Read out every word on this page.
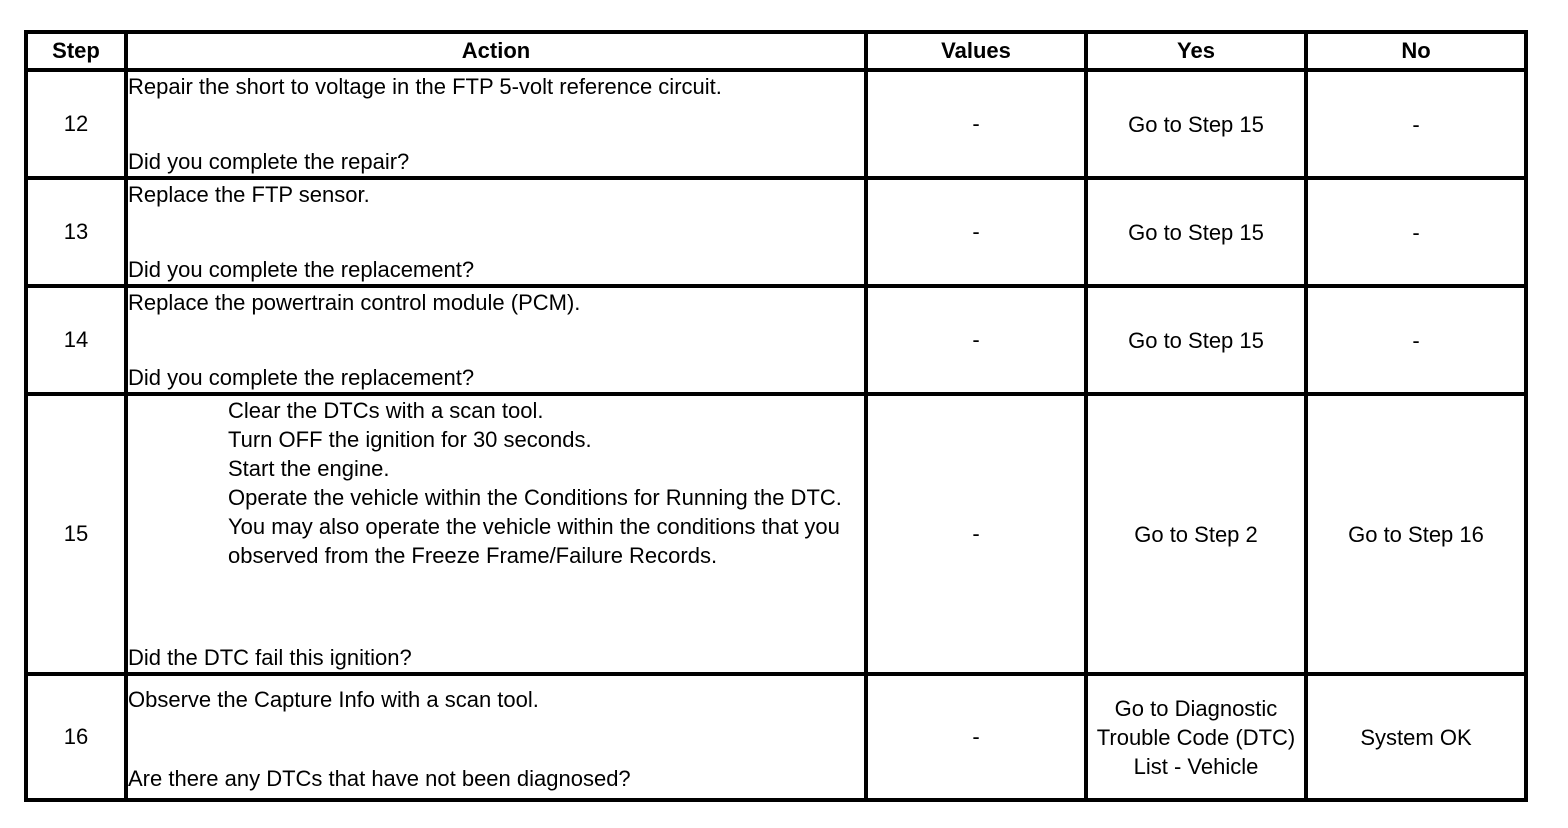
Step	Action	Values	Yes	No
12	Repair the short to voltage in the FTP 5-volt reference circuit.
Did you complete the repair?	-	Go to Step 15	-
13	Replace the FTP sensor.
Did you complete the replacement?	-	Go to Step 15	-
14	Replace the powertrain control module (PCM).
Did you complete the replacement?	-	Go to Step 15	-
15	Clear the DTCs with a scan tool.
Turn OFF the ignition for 30 seconds.
Start the engine.
Operate the vehicle within the Conditions for Running the DTC. You may also operate the vehicle within the conditions that you observed from the Freeze Frame/Failure Records.
Did the DTC fail this ignition?	-	Go to Step 2	Go to Step 16
16	Observe the Capture Info with a scan tool.
Are there any DTCs that have not been diagnosed?	-	Go to Diagnostic Trouble Code (DTC) List - Vehicle	System OK
